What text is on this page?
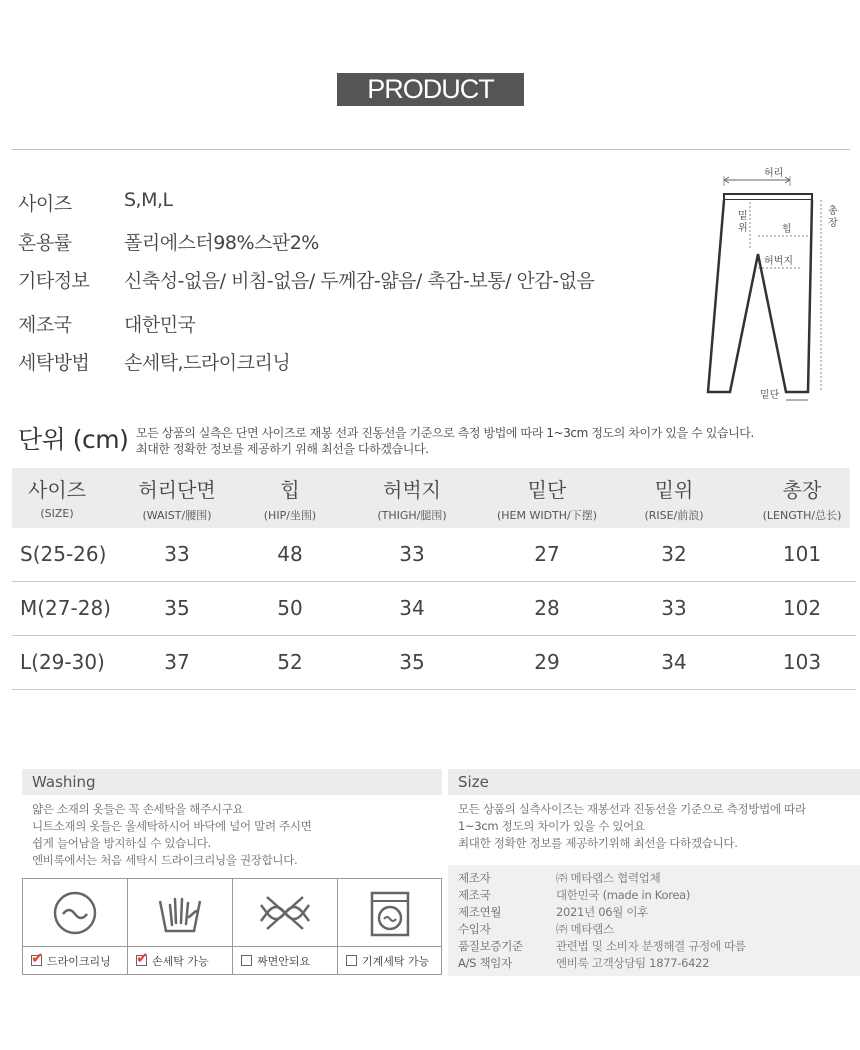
PRODUCT INFO
사이즈	S,M,L
혼용률	폴리에스터98%스판2%
기타정보 신축성-없음/ 비침-없음/ 두께감-얇음/ 촉감-보통/ 안감-없음
제조국	대한민국
세탁방법 손세탁,드라이크리닝
허리
밑
위	힙
허벅지
총
장
밑단
단위 (cm) 모든 상품의 실측은 단면 사이즈로 재봉 선과 진동선을 기준으로 측정 방법에 따라 1~3cm 정도의 차이가 있을 수 있습니다.
최대한 정확한 정보를 제공하기 위해 최선을 다하겠습니다.
사이즈
(SIZE)
허리단면
(WAIST/腰围)
힙
(HIP/坐围)
허벅지
(THIGH/腿围)
밑단
(HEM WIDTH/下摆)
밑위
(RISE/前浪)
총장
(LENGTH/总长)
S(25-26)	33	48	33	27	32	101
M(27-28)	35	50	34	28	33	102
L(29-30)	37	52	35	29	34	103
Washing
얇은 소재의 옷들은 꼭 손세탁을 해주시구요
니트소재의 옷들은 울세탁하시어 바닥에 널어 말려 주시면
쉽게 늘어남을 방지하실 수 있습니다.
엔비룩에서는 처음 세탁시 드라이크리닝을 권장합니다.
✔드라이크리닝
✔	손세탁 가능	짜면안되요	기계세탁 가능
Size
모든 상품의 실측사이즈는 재봉선과 진동선을 기준으로 측정방법에 따라
1~3cm 정도의 차이가 있을 수 있어요
최대한 정확한 정보를 제공하기위해 최선을 다하겠습니다.
제조자	㈜ 메타랩스 협력업체
제조국	대한민국 (made in Korea)
제조연월	2021년 06월 이후
수입자	㈜ 메타랩스
품질보증기준	관련법 및 소비자 분쟁해결 규정에 따름
A/S 책임자	엔비룩 고객상담팀 1877-6422
